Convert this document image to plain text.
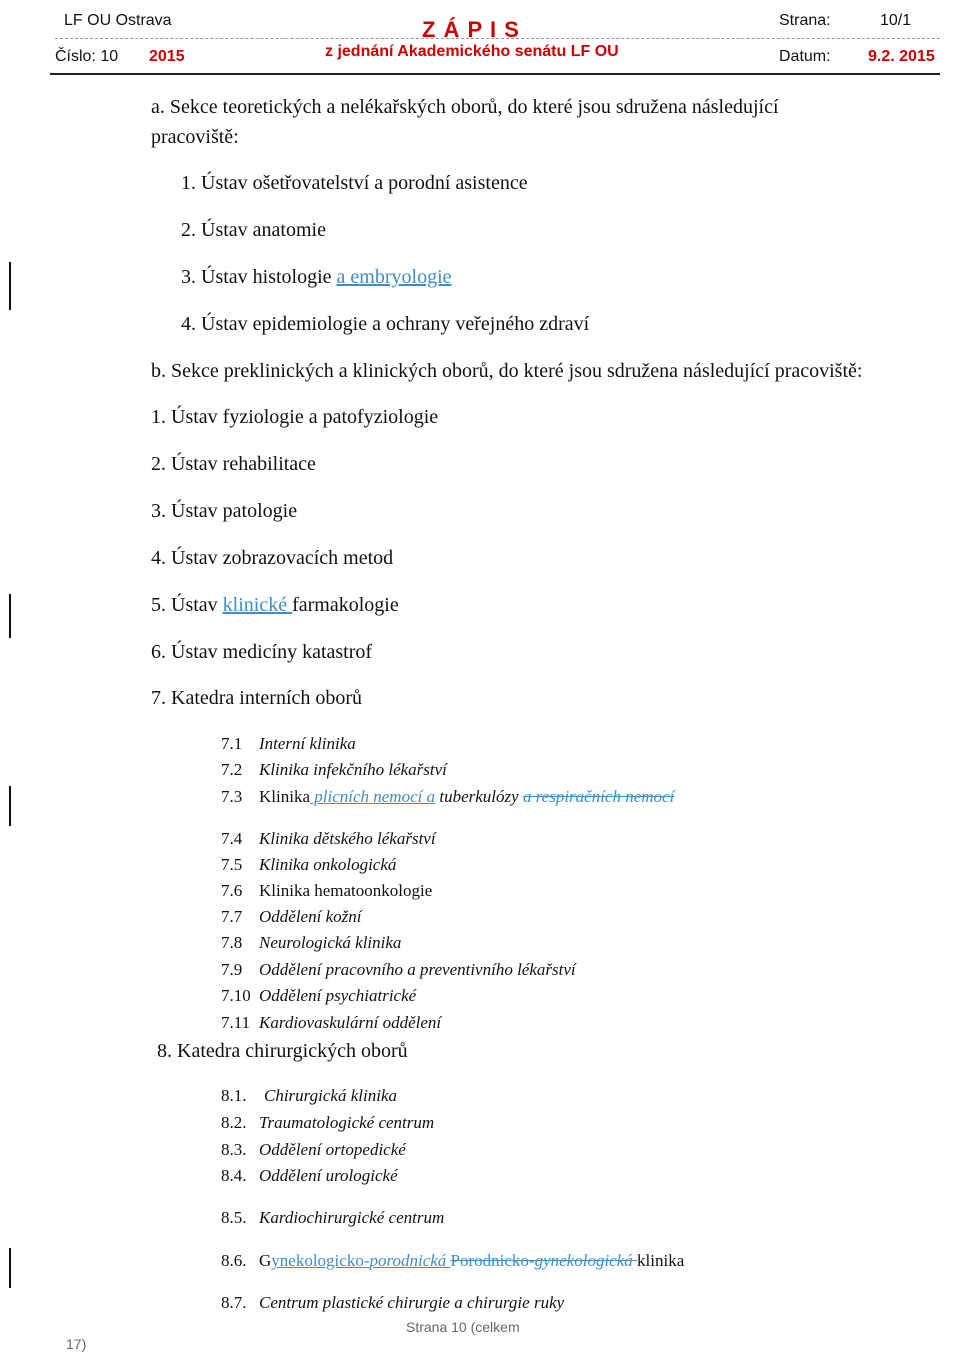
LF OU Ostrava	Z Á P I S	Strana:	10/1
Číslo: 10 2015	z jednání Akademického senátu LF OU	Datum: 9.2. 2015
a. Sekce teoretických a nelékařských oborů, do které jsou sdružena následující
pracoviště:
1. Ústav ošetřovatelství a porodní asistence
2. Ústav anatomie
3. Ústav histologie a embryologie
4. Ústav epidemiologie a ochrany veřejného zdraví
b. Sekce preklinických a klinických oborů, do které jsou sdružena následující pracoviště:
1. Ústav fyziologie a patofyziologie
2. Ústav rehabilitace
3. Ústav patologie
4. Ústav zobrazovacích metod
5. Ústav klinické farmakologie
6. Ústav medicíny katastrof
7. Katedra interních oborů
7.1 Interní klinika
7.2 Klinika infekčního lékařství
7.3 Klinika plicních nemocí a tuberkulózy a respiračních nemocí
7.4 Klinika dětského lékařství
7.5 Klinika onkologická
7.6 Klinika hematoonkologie
7.7 Oddělení kožní
7.8 Neurologická klinika
7.9 Oddělení pracovního a preventivního lékařství
7.10 Oddělení psychiatrické
7.11 Kardiovaskulární oddělení
8. Katedra chirurgických oborů
8.1. Chirurgická klinika
8.2. Traumatologické centrum
8.3. Oddělení ortopedické
8.4. Oddělení urologické
8.5. Kardiochirurgické centrum
8.6. Gynekologicko-porodnická Porodnicko-gynekologická klinika
8.7. Centrum plastické chirurgie a chirurgie ruky
Strana 10 (celkem
17)
